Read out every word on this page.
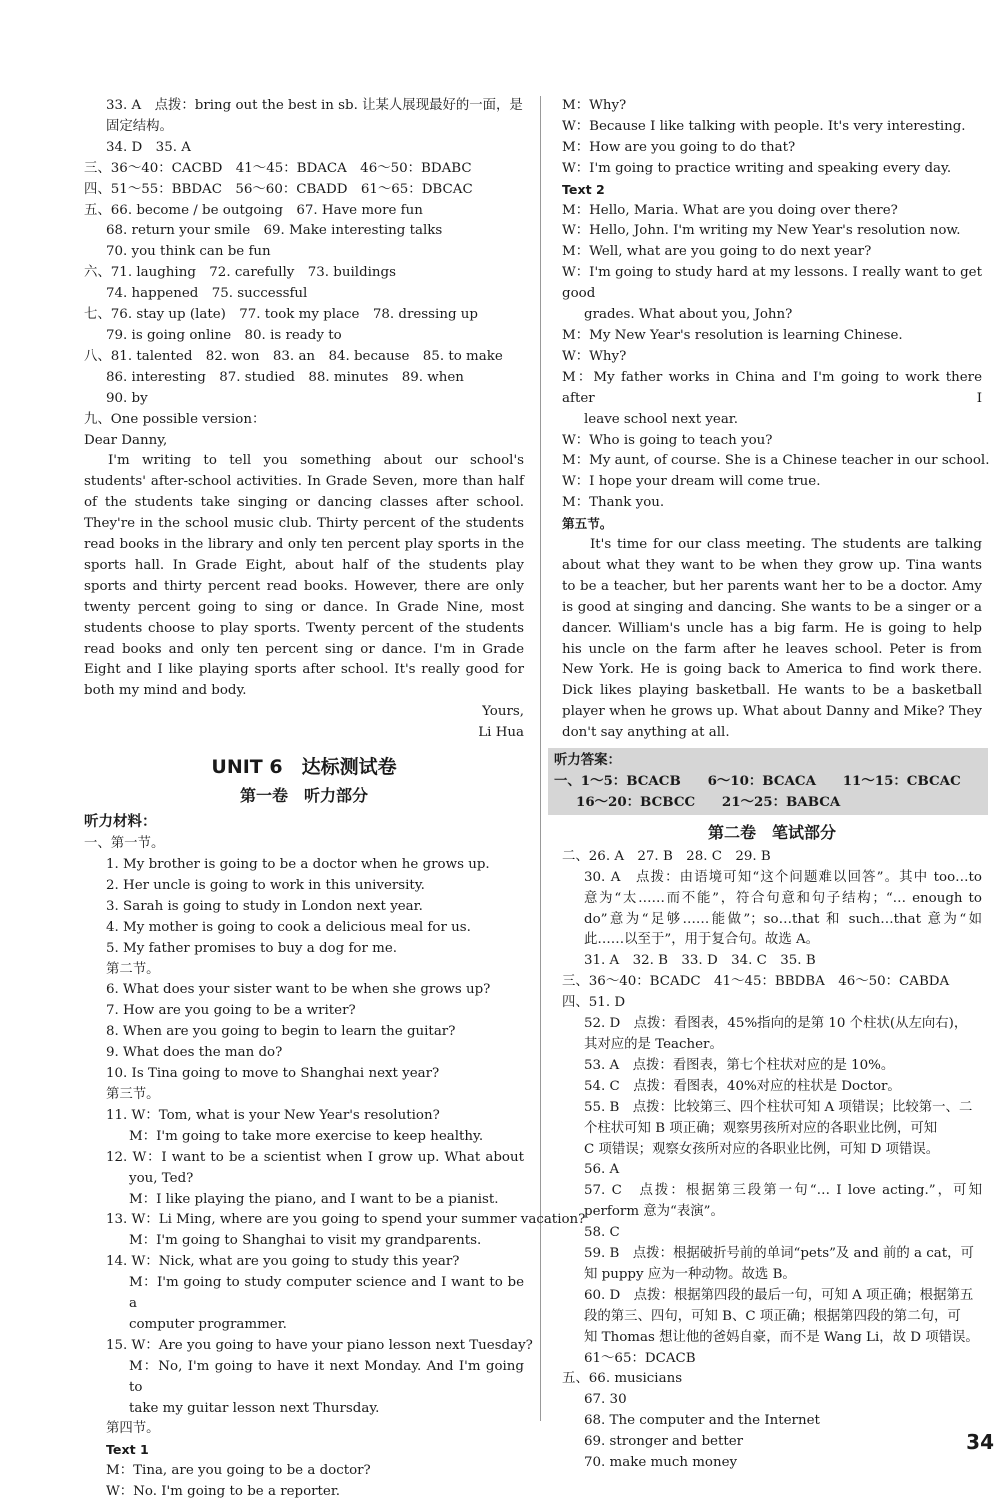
33. A　点拨：bring out the best in sb. 让某人展现最好的一面，是
固定结构。
34. D　35. A
三、36～40：CACBD　41～45：BDACA　46～50：BDABC
四、51～55：BBDAC　56～60：CBADD　61～65：DBCAC
五、66. become / be outgoing　67. Have more fun
68. return your smile　69. Make interesting talks
70. you think can be fun
六、71. laughing　72. carefully　73. buildings
74. happened　75. successful
七、76. stay up (late)　77. took my place　78. dressing up
79. is going online　80. is ready to
八、81. talented　82. won　83. an　84. because　85. to make
86. interesting　87. studied　88. minutes　89. when
90. by
九、One possible version：
Dear Danny,
I'm writing to tell you something about our school's students' after-school activities. In Grade Seven, more than half of the students take singing or dancing classes after school. They're in the school music club. Thirty percent of the students read books in the library and only ten percent play sports in the sports hall. In Grade Eight, about half of the students play sports and thirty percent read books. However, there are only twenty percent going to sing or dance. In Grade Nine, most students choose to play sports. Twenty percent of the students read books and only ten percent sing or dance. I'm in Grade Eight and I like playing sports after school. It's really good for both my mind and body.
Yours,
Li Hua
UNIT 6　达标测试卷
第一卷　听力部分
听力材料：
一、第一节。
1. My brother is going to be a doctor when he grows up.
2. Her uncle is going to work in this university.
3. Sarah is going to study in London next year.
4. My mother is going to cook a delicious meal for us.
5. My father promises to buy a dog for me.
第二节。
6. What does your sister want to be when she grows up?
7. How are you going to be a writer?
8. When are you going to begin to learn the guitar?
9. What does the man do?
10. Is Tina going to move to Shanghai next year?
第三节。
11. W：Tom, what is your New Year's resolution?
M：I'm going to take more exercise to keep healthy.
12. W：I want to be a scientist when I grow up. What about
you, Ted?
M：I like playing the piano, and I want to be a pianist.
13. W：Li Ming, where are you going to spend your summer vacation?
M：I'm going to Shanghai to visit my grandparents.
14. W：Nick, what are you going to study this year?
M：I'm going to study computer science and I want to be a
computer programmer.
15. W：Are you going to have your piano lesson next Tuesday?
M：No, I'm going to have it next Monday. And I'm going to
take my guitar lesson next Thursday.
第四节。
Text 1
M：Tina, are you going to be a doctor?
W：No. I'm going to be a reporter.
M：Why?
W：Because I like talking with people. It's very interesting.
M：How are you going to do that?
W：I'm going to practice writing and speaking every day.
Text 2
M：Hello, Maria. What are you doing over there?
W：Hello, John. I'm writing my New Year's resolution now.
M：Well, what are you going to do next year?
W：I'm going to study hard at my lessons. I really want to get good
grades. What about you, John?
M：My New Year's resolution is learning Chinese.
W：Why?
M：My father works in China and I'm going to work there after I
leave school next year.
W：Who is going to teach you?
M：My aunt, of course. She is a Chinese teacher in our school.
W：I hope your dream will come true.
M：Thank you.
第五节。
It's time for our class meeting. The students are talking about what they want to be when they grow up. Tina wants to be a teacher, but her parents want her to be a doctor. Amy is good at singing and dancing. She wants to be a singer or a dancer. William's uncle has a big farm. He is going to help his uncle on the farm after he leaves school. Peter is from New York. He is going back to America to find work there. Dick likes playing basketball. He wants to be a basketball player when he grows up. What about Danny and Mike? They don't say anything at all.
听力答案：
一、1～5：BCACB　　6～10：BCACA　　11～15：CBCAC
16～20：BCBCC　　21～25：BABCA
第二卷　笔试部分
二、26. A　27. B　28. C　29. B
30. A　点拨：由语境可知“这个问题难以回答”。其中 too…to
意为“太……而不能”，符合句意和句子结构；“… enough to
do”意为“足够……能做”；so…that 和 such…that 意为“如
此……以至于”，用于复合句。故选 A。
31. A　32. B　33. D　34. C　35. B
三、36～40：BCADC　41～45：BBDBA　46～50：CABDA
四、51. D
52. D　点拨：看图表，45%指向的是第 10 个柱状(从左向右)，
其对应的是 Teacher。
53. A　点拨：看图表，第七个柱状对应的是 10%。
54. C　点拨：看图表，40%对应的柱状是 Doctor。
55. B　点拨：比较第三、四个柱状可知 A 项错误；比较第一、二
个柱状可知 B 项正确；观察男孩所对应的各职业比例，可知
C 项错误；观察女孩所对应的各职业比例，可知 D 项错误。
56. A
57. C　点拨：根据第三段第一句“… I love acting.”，可知
perform 意为“表演”。
58. C
59. B　点拨：根据破折号前的单词“pets”及 and 前的 a cat，可
知 puppy 应为一种动物。故选 B。
60. D　点拨：根据第四段的最后一句，可知 A 项正确；根据第五
段的第三、四句，可知 B、C 项正确；根据第四段的第二句，可
知 Thomas 想让他的爸妈自豪，而不是 Wang Li，故 D 项错误。
61～65：DCACB
五、66. musicians
67. 30
68. The computer and the Internet
69. stronger and better
70. make much money
34
